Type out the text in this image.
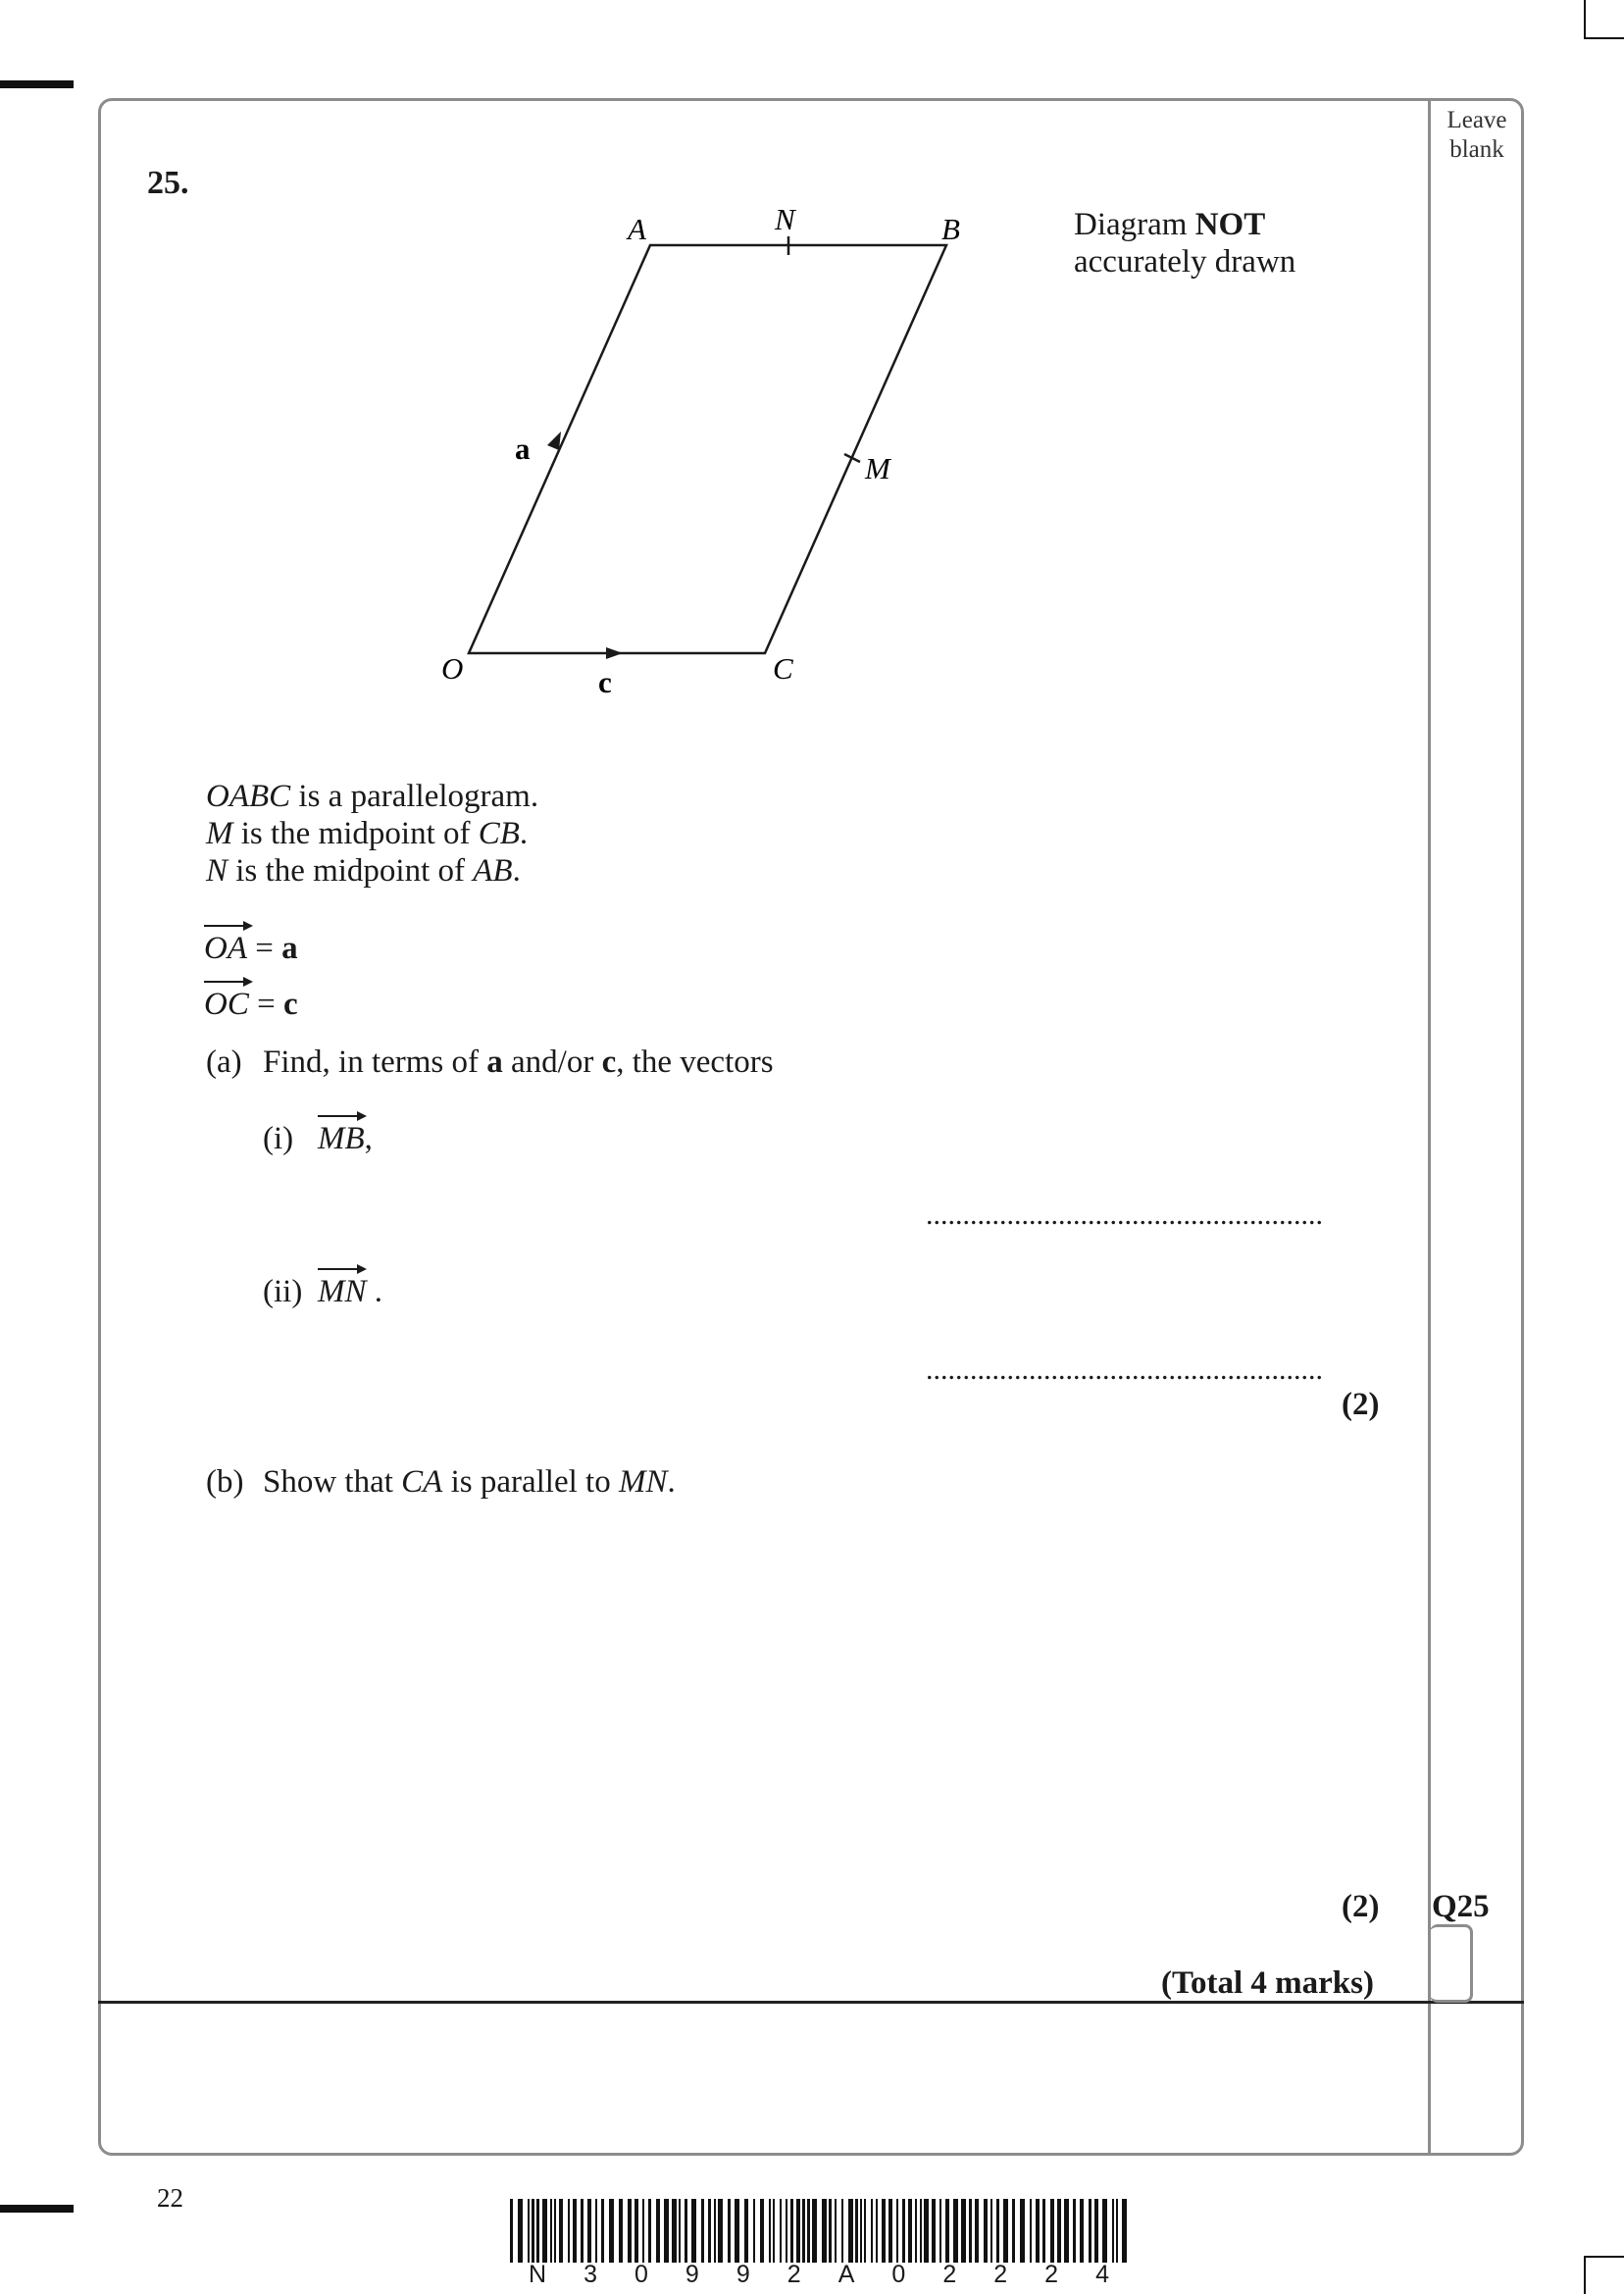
Leave
blank
25.
A	N	B
a
M
O	c	C
Diagram NOT
accurately drawn
OABC is a parallelogram.
M is the midpoint of CB.
N is the midpoint of AB.
OA = a
OC = c
(a) Find, in terms of a and/or c, the vectors
(i) MB,
......................................................
(ii) MN .
......................................................
(2)
(b) Show that CA is parallel to MN.
(2) Q25
(Total 4 marks)
22
N 3 0 9 9 2 A 0 2 2 2 4
